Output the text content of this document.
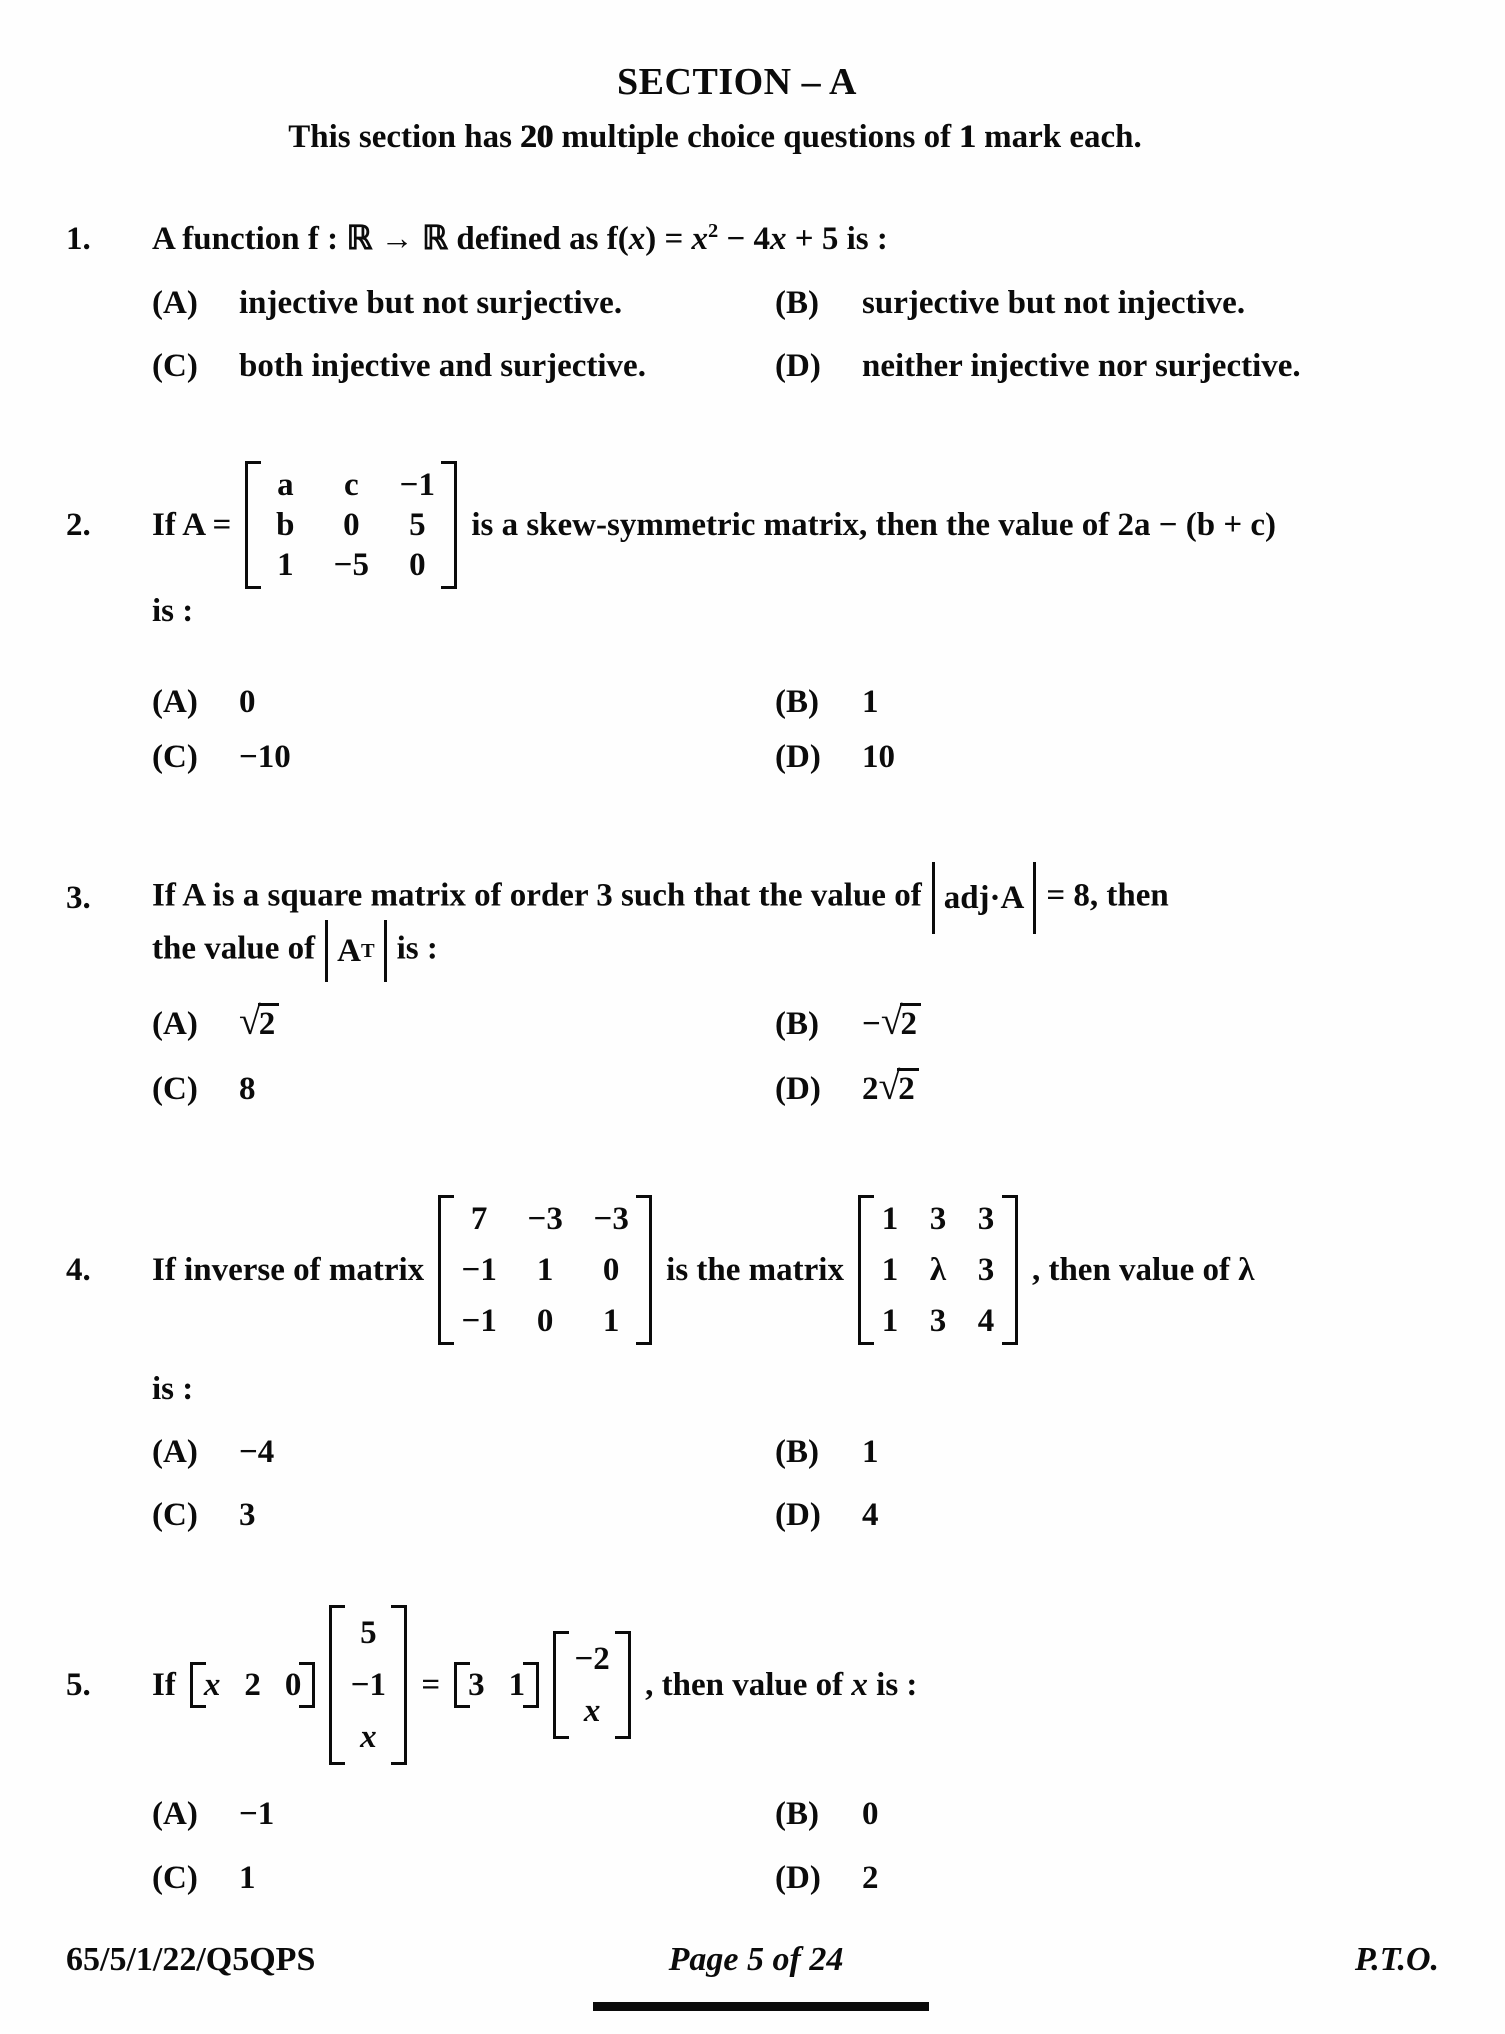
SECTION – A
This section has 20 multiple choice questions of 1 mark each.
1. A function f : ℝ → ℝ defined as $f(x) = x^2 - 4x + 5$ is :
(A) injective but not surjective.	(B) surjective but not injective.
(C) both injective and surjective.	(D) neither injective nor surjective.
2. If A =
a c −1
b 0 5
1 −5 0
is a skew-symmetric matrix, then the value of 2a − (b + c)
is :
(A) 0	(B) 1
(C) −10	(D) 10
3. If A is a square matrix of order 3 such that the value of adj·A = 8, then
the value of A T is :
(A) √2	(B) −√2
(C) 8	(D) 2√2
4. If inverse of matrix
7 −3 −3
−1 1 0
−1 0 1
is the matrix
1 3 3
1 λ 3
1 3 4
, then value of λ
is :
(A) −4	(B) 1
(C) 3	(D) 4
5. If x 2 0
5
−1
x
= 3 1
−2
x
, then value of x is :
(A) −1	(B) 0
(C) 1	(D) 2
65/5/1/22/Q5QPS	Page 5 of 24	P.T.O.
